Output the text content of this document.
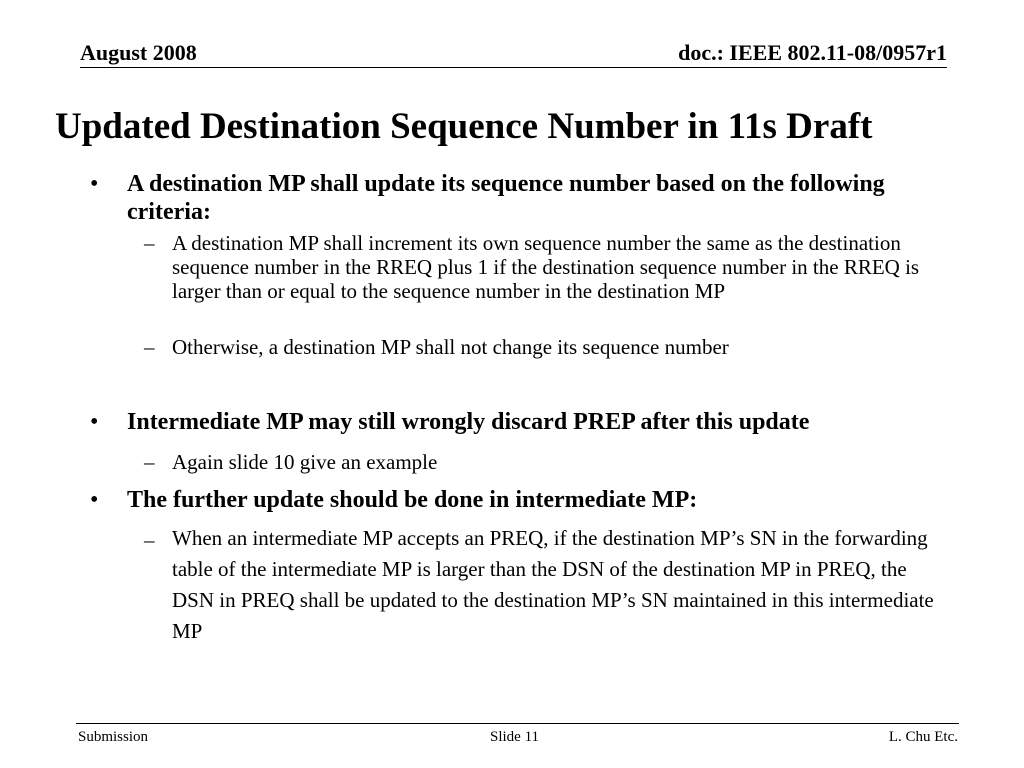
August 2008	doc.: IEEE 802.11-08/0957r1
Updated Destination Sequence Number in 11s Draft
•	A destination MP shall update its sequence number based on the following criteria:
– A destination MP shall increment its own sequence number the same as the destination sequence number in the RREQ plus 1 if the destination sequence number in the RREQ is larger than or equal to the sequence number in the destination MP
– Otherwise, a destination MP shall not change its sequence number
•	Intermediate MP may still wrongly discard PREP after this update
– Again slide 10 give an example
•	The further update should be done in intermediate MP:
– When an intermediate MP accepts an PREQ, if the destination MP’s SN in the forwarding table of the intermediate MP is larger than the DSN of the destination MP in PREQ, the DSN in PREQ shall be updated to the destination MP’s SN maintained in this intermediate MP
Submission	Slide 11	L. Chu Etc.
